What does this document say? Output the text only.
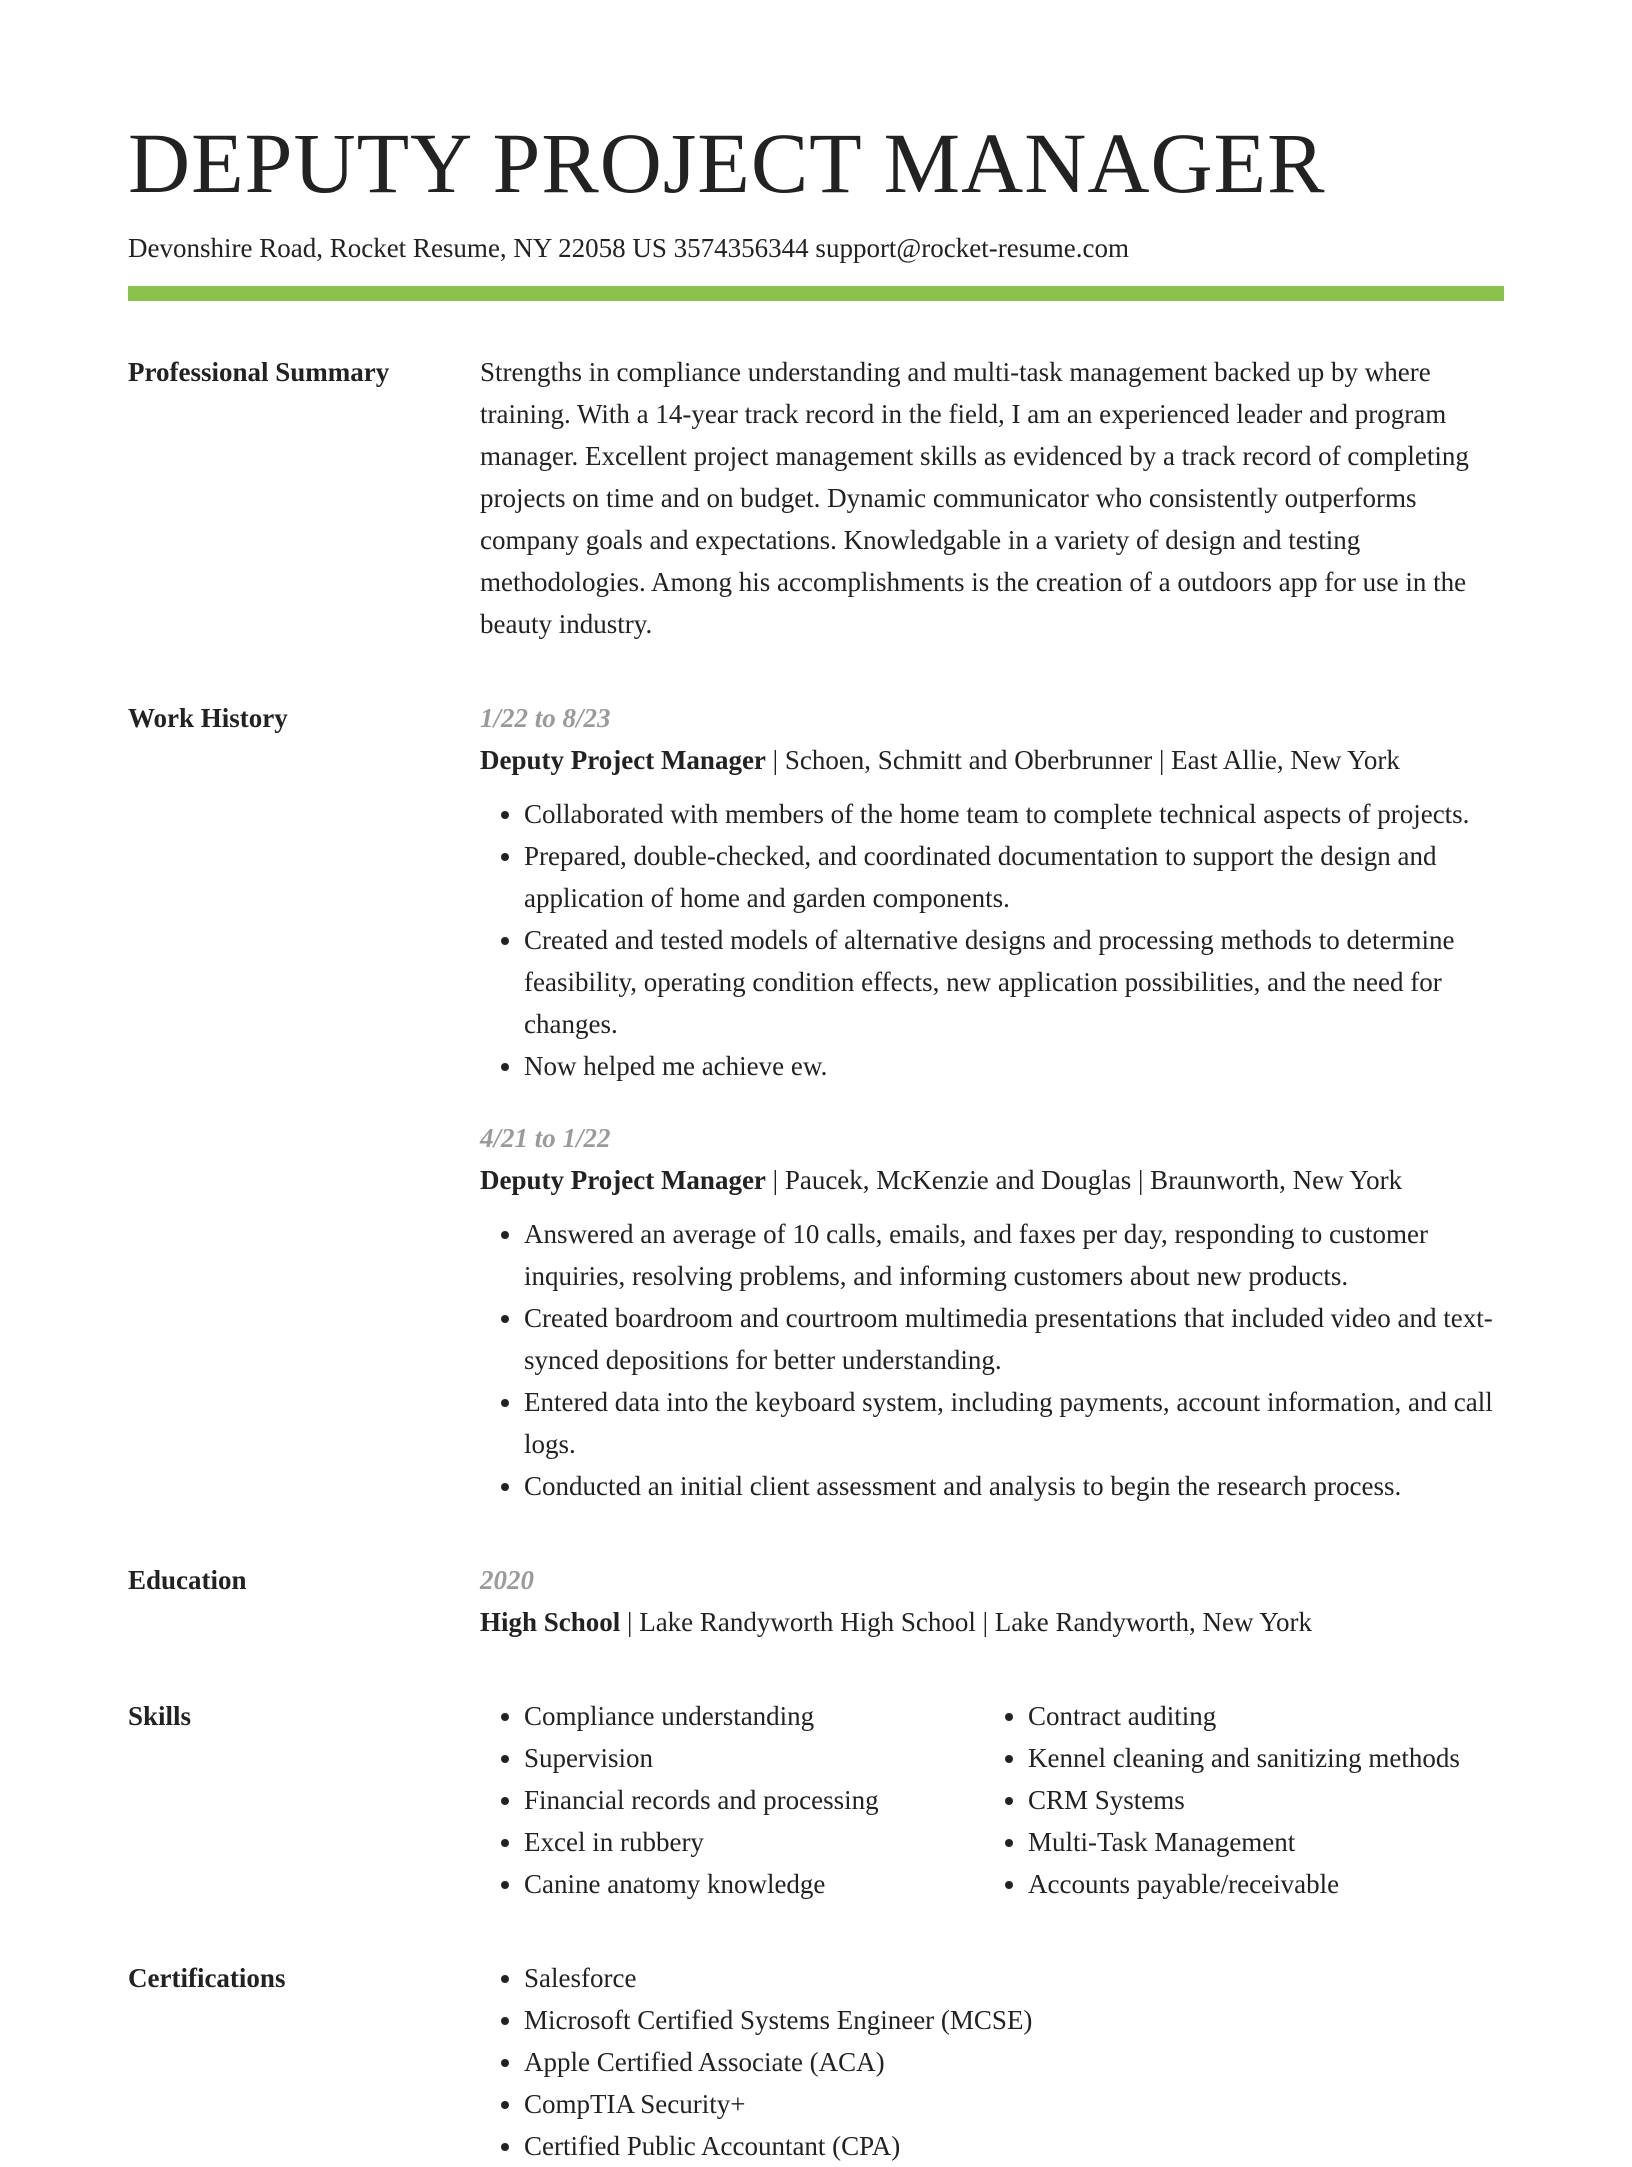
DEPUTY PROJECT MANAGER
Devonshire Road, Rocket Resume, NY 22058 US 3574356344 support@rocket-resume.com
Professional Summary	Strengths in compliance understanding and multi-task management backed up by where training. With a 14-year track record in the field, I am an experienced leader and program manager. Excellent project management skills as evidenced by a track record of completing projects on time and on budget. Dynamic communicator who consistently outperforms company goals and expectations. Knowledgable in a variety of design and testing methodologies. Among his accomplishments is the creation of a outdoors app for use in the beauty industry.

Work History	1/22 to 8/23
Deputy Project Manager | Schoen, Schmitt and Oberbrunner | East Allie, New York
• Collaborated with members of the home team to complete technical aspects of projects.
• Prepared, double-checked, and coordinated documentation to support the design and application of home and garden components.
• Created and tested models of alternative designs and processing methods to determine feasibility, operating condition effects, new application possibilities, and the need for changes.
• Now helped me achieve ew.
4/21 to 1/22
Deputy Project Manager | Paucek, McKenzie and Douglas | Braunworth, New York
• Answered an average of 10 calls, emails, and faxes per day, responding to customer inquiries, resolving problems, and informing customers about new products.
• Created boardroom and courtroom multimedia presentations that included video and text-synced depositions for better understanding.
• Entered data into the keyboard system, including payments, account information, and call logs.
• Conducted an initial client assessment and analysis to begin the research process.
Education	2020
High School | Lake Randyworth High School | Lake Randyworth, New York
Skills	• Compliance understanding
• Supervision
• Financial records and processing
• Excel in rubbery
• Canine anatomy knowledge
• Contract auditing
• Kennel cleaning and sanitizing methods
• CRM Systems
• Multi-Task Management
• Accounts payable/receivable
Certifications	• Salesforce
• Microsoft Certified Systems Engineer (MCSE)
• Apple Certified Associate (ACA)
• CompTIA Security+
• Certified Public Accountant (CPA)
